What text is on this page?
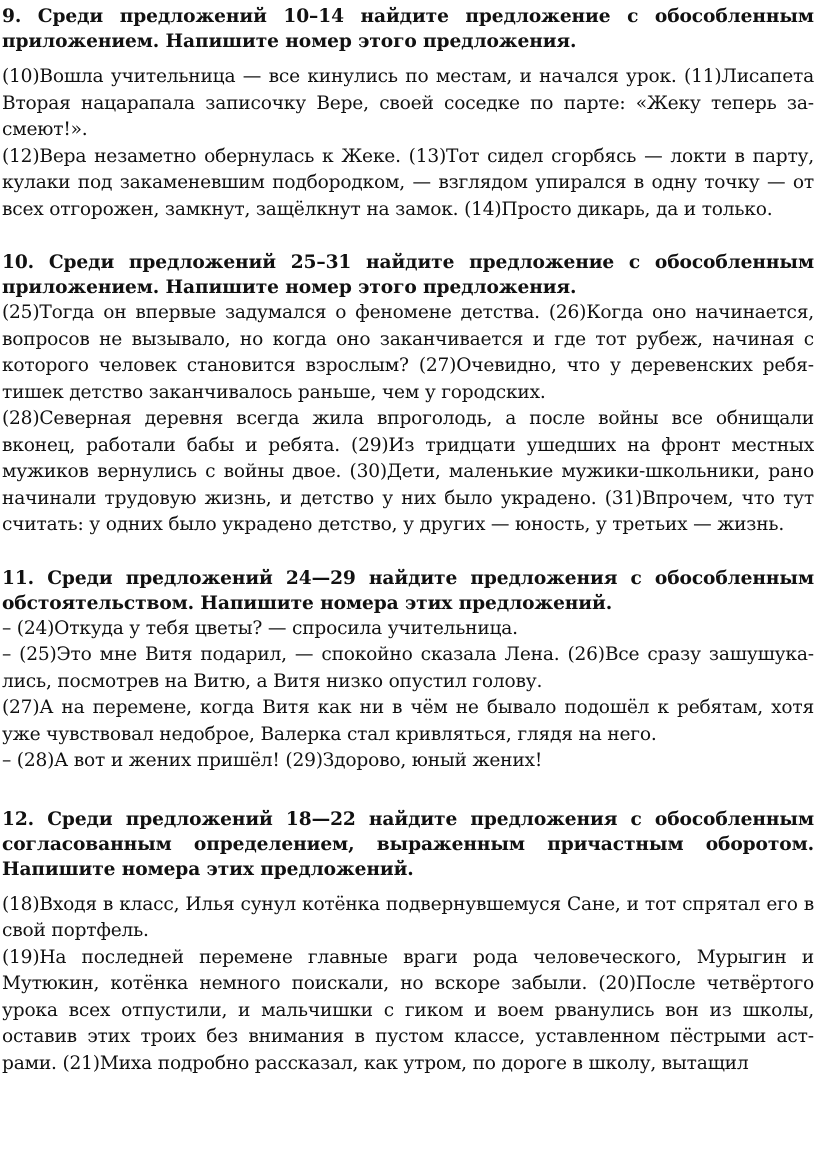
9. Среди предложений 10–14 найдите предложение с обособленным приложением. Напишите номер этого предложения.

(10)Вошла учительница — все кинулись по местам, и начался урок. (11)Лисапета Вторая нацарапала записочку Вере, своей соседке по парте: «Жеку теперь засмеют!».

(12)Вера незаметно обернулась к Жеке. (13)Тот сидел сгорбясь — локти в парту, кулаки под закаменевшим подбородком, — взглядом упирался в одну точку — от всех отгорожен, замкнут, защёлкнут на замок. (14)Просто дикарь, да и только.

10. Среди предложений 25–31 найдите предложение с обособленным приложением. Напишите номер этого предложения.

(25)Тогда он впервые задумался о феномене детства. (26)Когда оно начинается, вопросов не вызывало, но когда оно заканчивается и где тот рубеж, начиная с которого человек становится взрослым? (27)Очевидно, что у деревенских ребятишек детство заканчивалось раньше, чем у городских.

(28)Северная деревня всегда жила впроголодь, а после войны все обнищали вконец, работали бабы и ребята. (29)Из тридцати ушедших на фронт местных мужиков вернулись с войны двое. (30)Дети, маленькие мужики-школьники, рано начинали трудовую жизнь, и детство у них было украдено. (31)Впрочем, что тут считать: у одних было украдено детство, у других — юность, у третьих — жизнь.

11. Среди предложений 24—29 найдите предложения с обособленным обстоятельством. Напишите номера этих предложений.

– (24)Откуда у тебя цветы? — спросила учительница.

– (25)Это мне Витя подарил, — спокойно сказала Лена. (26)Все сразу зашушукались, посмотрев на Витю, а Витя низко опустил голову.

(27)А на перемене, когда Витя как ни в чём не бывало подошёл к ребятам, хотя уже чувствовал недоброе, Валерка стал кривляться, глядя на него.

– (28)А вот и жених пришёл! (29)Здорово, юный жених!

12. Среди предложений 18—22 найдите предложения с обособленным согласованным определением, выраженным причастным оборотом. Напишите номера этих предложений.

(18)Входя в класс, Илья сунул котёнка подвернувшемуся Сане, и тот спрятал его в свой портфель.

(19)На последней перемене главные враги рода человеческого, Мурыгин и Мутюкин, котёнка немного поискали, но вскоре забыли. (20)После четвёртого урока всех отпустили, и мальчишки с гиком и воем рванулись вон из школы, оставив этих троих без внимания в пустом классе, уставленном пёстрыми астрами. (21)Миха подробно рассказал, как утром, по дороге в школу, вытащил
